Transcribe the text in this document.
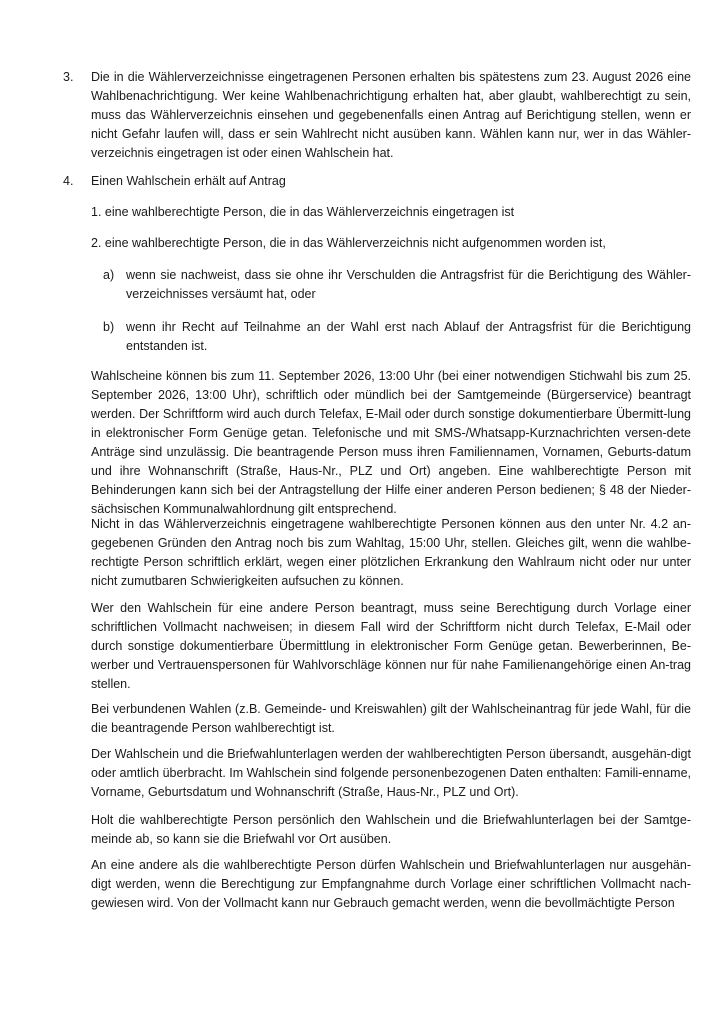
3.	Die in die Wählerverzeichnisse eingetragenen Personen erhalten bis spätestens zum 23. August 2026 eine Wahlbenachrichtigung. Wer keine Wahlbenachrichtigung erhalten hat, aber glaubt, wahlberechtigt zu sein, muss das Wählerverzeichnis einsehen und gegebenenfalls einen Antrag auf Berichtigung stellen, wenn er nicht Gefahr laufen will, dass er sein Wahlrecht nicht ausüben kann. Wählen kann nur, wer in das Wähler-verzeichnis eingetragen ist oder einen Wahlschein hat.
4.	Einen Wahlschein erhält auf Antrag
1. eine wahlberechtigte Person, die in das Wählerverzeichnis eingetragen ist
2. eine wahlberechtigte Person, die in das Wählerverzeichnis nicht aufgenommen worden ist,
a) wenn sie nachweist, dass sie ohne ihr Verschulden die Antragsfrist für die Berichtigung des Wähler-verzeichnisses versäumt hat, oder
b) wenn ihr Recht auf Teilnahme an der Wahl erst nach Ablauf der Antragsfrist für die Berichtigung entstanden ist.
Wahlscheine können bis zum 11. September 2026, 13:00 Uhr (bei einer notwendigen Stichwahl bis zum 25. September 2026, 13:00 Uhr), schriftlich oder mündlich bei der Samtgemeinde (Bürgerservice) beantragt werden. Der Schriftform wird auch durch Telefax, E-Mail oder durch sonstige dokumentierbare Übermitt-lung in elektronischer Form Genüge getan. Telefonische und mit SMS-/Whatsapp-Kurznachrichten versen-dete Anträge sind unzulässig. Die beantragende Person muss ihren Familiennamen, Vornamen, Geburts-datum und ihre Wohnanschrift (Straße, Haus-Nr., PLZ und Ort) angeben. Eine wahlberechtigte Person mit Behinderungen kann sich bei der Antragstellung der Hilfe einer anderen Person bedienen; § 48 der Nieder-sächsischen Kommunalwahlordnung gilt entsprechend.
Nicht in das Wählerverzeichnis eingetragene wahlberechtigte Personen können aus den unter Nr. 4.2 an-gegebenen Gründen den Antrag noch bis zum Wahltag, 15:00 Uhr, stellen. Gleiches gilt, wenn die wahlbe-rechtigte Person schriftlich erklärt, wegen einer plötzlichen Erkrankung den Wahlraum nicht oder nur unter nicht zumutbaren Schwierigkeiten aufsuchen zu können.
Wer den Wahlschein für eine andere Person beantragt, muss seine Berechtigung durch Vorlage einer schriftlichen Vollmacht nachweisen; in diesem Fall wird der Schriftform nicht durch Telefax, E-Mail oder durch sonstige dokumentierbare Übermittlung in elektronischer Form Genüge getan. Bewerberinnen, Be-werber und Vertrauenspersonen für Wahlvorschläge können nur für nahe Familienangehörige einen An-trag stellen.
Bei verbundenen Wahlen (z.B. Gemeinde- und Kreiswahlen) gilt der Wahlscheinantrag für jede Wahl, für die die beantragende Person wahlberechtigt ist.
Der Wahlschein und die Briefwahlunterlagen werden der wahlberechtigten Person übersandt, ausgehän-digt oder amtlich überbracht. Im Wahlschein sind folgende personenbezogenen Daten enthalten: Famili-enname, Vorname, Geburtsdatum und Wohnanschrift (Straße, Haus-Nr., PLZ und Ort).
Holt die wahlberechtigte Person persönlich den Wahlschein und die Briefwahlunterlagen bei der Samtge-meinde ab, so kann sie die Briefwahl vor Ort ausüben.
An eine andere als die wahlberechtigte Person dürfen Wahlschein und Briefwahlunterlagen nur ausgehän-digt werden, wenn die Berechtigung zur Empfangnahme durch Vorlage einer schriftlichen Vollmacht nach-gewiesen wird. Von der Vollmacht kann nur Gebrauch gemacht werden, wenn die bevollmächtigte Person
